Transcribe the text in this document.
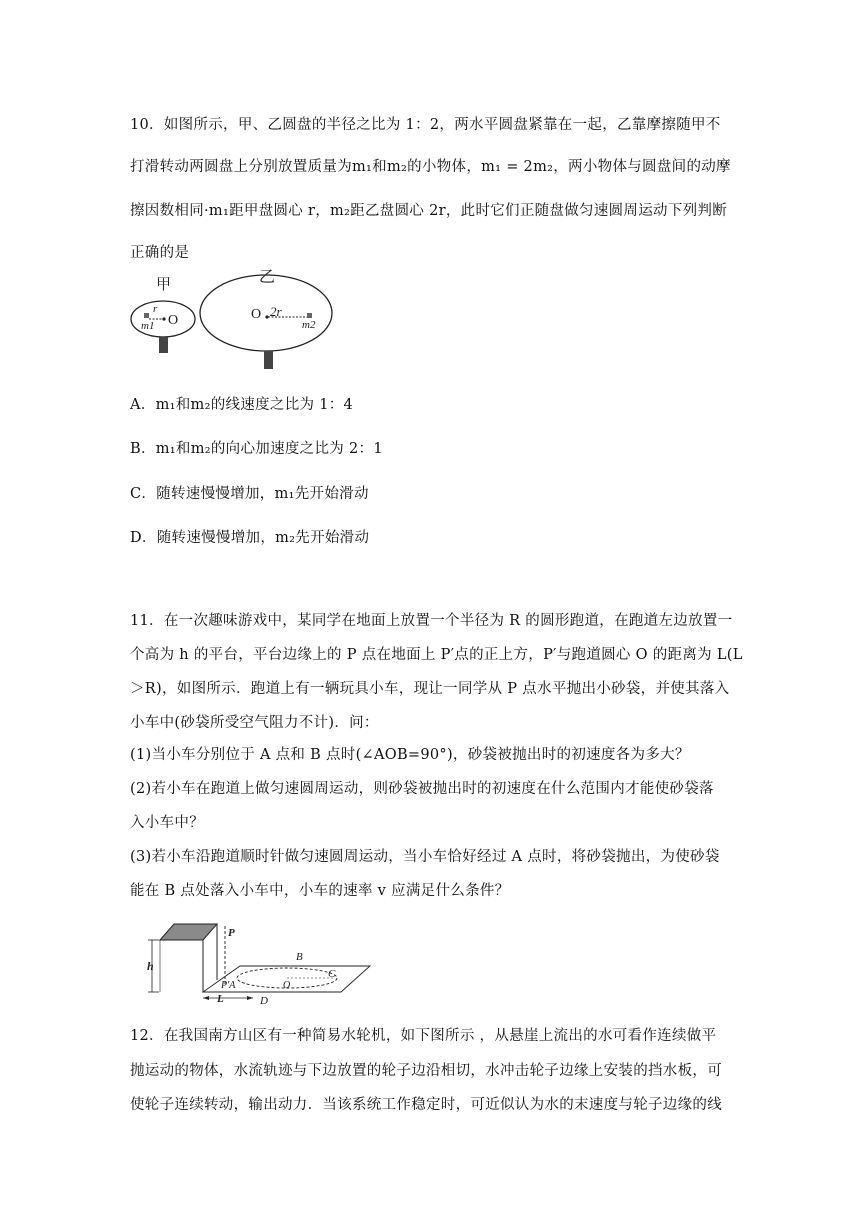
10．如图所示，甲、乙圆盘的半径之比为 1：2，两水平圆盘紧靠在一起，乙靠摩擦随甲不
打滑转动两圆盘上分别放置质量为m₁和m₂的小物体，m₁ = 2m₂，两小物体与圆盘间的动摩
擦因数相同·m₁距甲盘圆心 r，m₂距乙盘圆心 2r，此时它们正随盘做匀速圆周运动下列判断
正确的是
甲
r
O
m1
乙
O 2r
m2
A．m₁和m₂的线速度之比为 1：4
B．m₁和m₂的向心加速度之比为 2：1
C．随转速慢慢增加，m₁先开始滑动
D．随转速慢慢增加，m₂先开始滑动
11．在一次趣味游戏中，某同学在地面上放置一个半径为 R 的圆形跑道，在跑道左边放置一
个高为 h 的平台，平台边缘上的 P 点在地面上 P′点的正上方，P′与跑道圆心 O 的距离为 L(L
＞R)，如图所示．跑道上有一辆玩具小车，现让一同学从 P 点水平抛出小砂袋，并使其落入
小车中(砂袋所受空气阻力不计)．问：
(1)当小车分别位于 A 点和 B 点时(∠AOB=90°)，砂袋被抛出时的初速度各为多大？
(2)若小车在跑道上做匀速圆周运动，则砂袋被抛出时的初速度在什么范围内才能使砂袋落
入小车中？
(3)若小车沿跑道顺时针做匀速圆周运动，当小车恰好经过 A 点时，将砂袋抛出，为使砂袋
能在 B 点处落入小车中，小车的速率 v 应满足什么条件？
P
h
B
C
P′A	O
L	D
12．在我国南方山区有一种简易水轮机，如下图所示 ，从悬崖上流出的水可看作连续做平
抛运动的物体，水流轨迹与下边放置的轮子边沿相切，水冲击轮子边缘上安装的挡水板，可
使轮子连续转动，输出动力．当该系统工作稳定时，可近似认为水的末速度与轮子边缘的线
